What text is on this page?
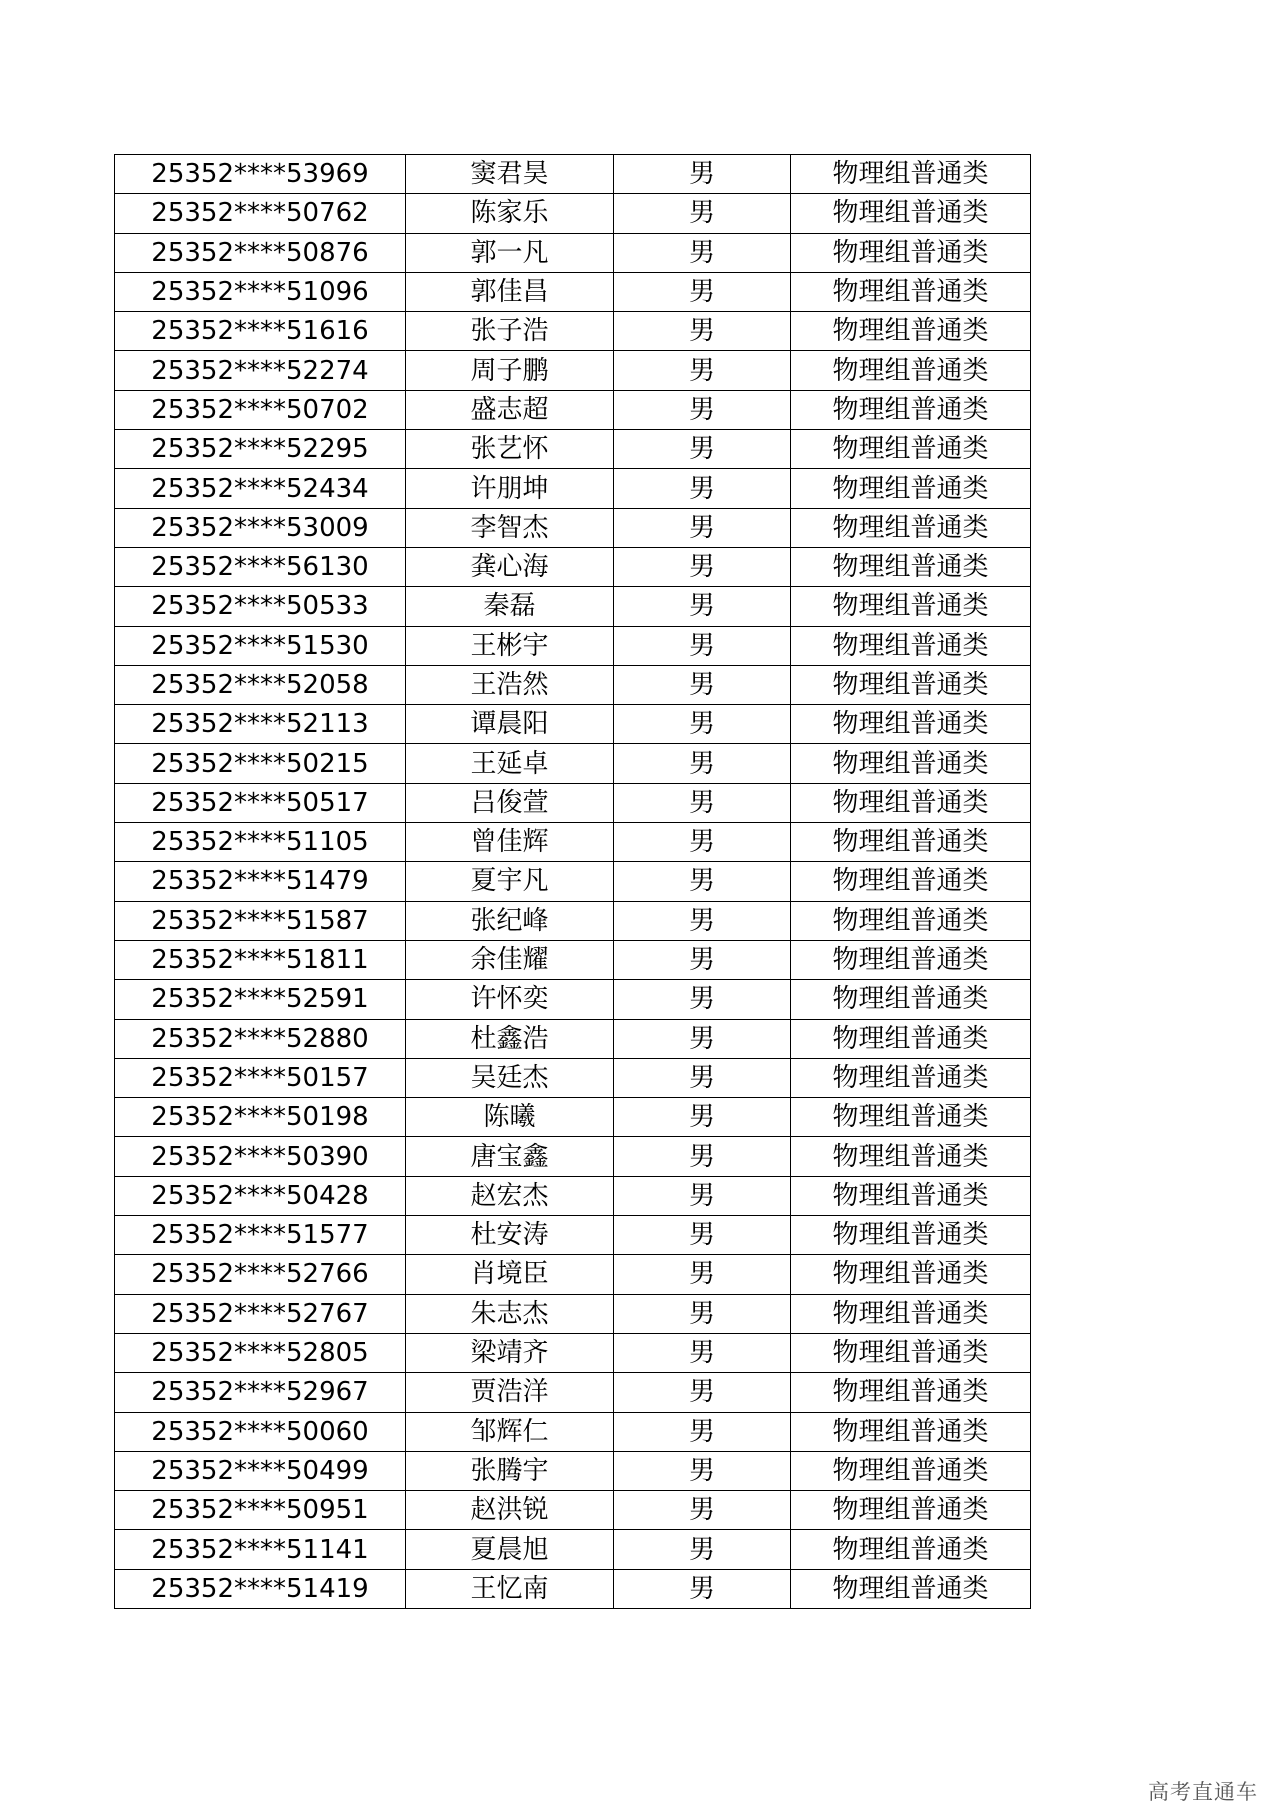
25352****53969	窦君昊	男	物理组普通类
25352****50762	陈家乐	男	物理组普通类
25352****50876	郭一凡	男	物理组普通类
25352****51096	郭佳昌	男	物理组普通类
25352****51616	张子浩	男	物理组普通类
25352****52274	周子鹏	男	物理组普通类
25352****50702	盛志超	男	物理组普通类
25352****52295	张艺怀	男	物理组普通类
25352****52434	许朋坤	男	物理组普通类
25352****53009	李智杰	男	物理组普通类
25352****56130	龚心海	男	物理组普通类
25352****50533	秦磊	男	物理组普通类
25352****51530	王彬宇	男	物理组普通类
25352****52058	王浩然	男	物理组普通类
25352****52113	谭晨阳	男	物理组普通类
25352****50215	王延卓	男	物理组普通类
25352****50517	吕俊萱	男	物理组普通类
25352****51105	曾佳辉	男	物理组普通类
25352****51479	夏宇凡	男	物理组普通类
25352****51587	张纪峰	男	物理组普通类
25352****51811	余佳耀	男	物理组普通类
25352****52591	许怀奕	男	物理组普通类
25352****52880	杜鑫浩	男	物理组普通类
25352****50157	吴廷杰	男	物理组普通类
25352****50198	陈曦	男	物理组普通类
25352****50390	唐宝鑫	男	物理组普通类
25352****50428	赵宏杰	男	物理组普通类
25352****51577	杜安涛	男	物理组普通类
25352****52766	肖境臣	男	物理组普通类
25352****52767	朱志杰	男	物理组普通类
25352****52805	梁靖齐	男	物理组普通类
25352****52967	贾浩洋	男	物理组普通类
25352****50060	邹辉仁	男	物理组普通类
25352****50499	张腾宇	男	物理组普通类
25352****50951	赵洪锐	男	物理组普通类
25352****51141	夏晨旭	男	物理组普通类
25352****51419	王忆南	男	物理组普通类
高考直通车
